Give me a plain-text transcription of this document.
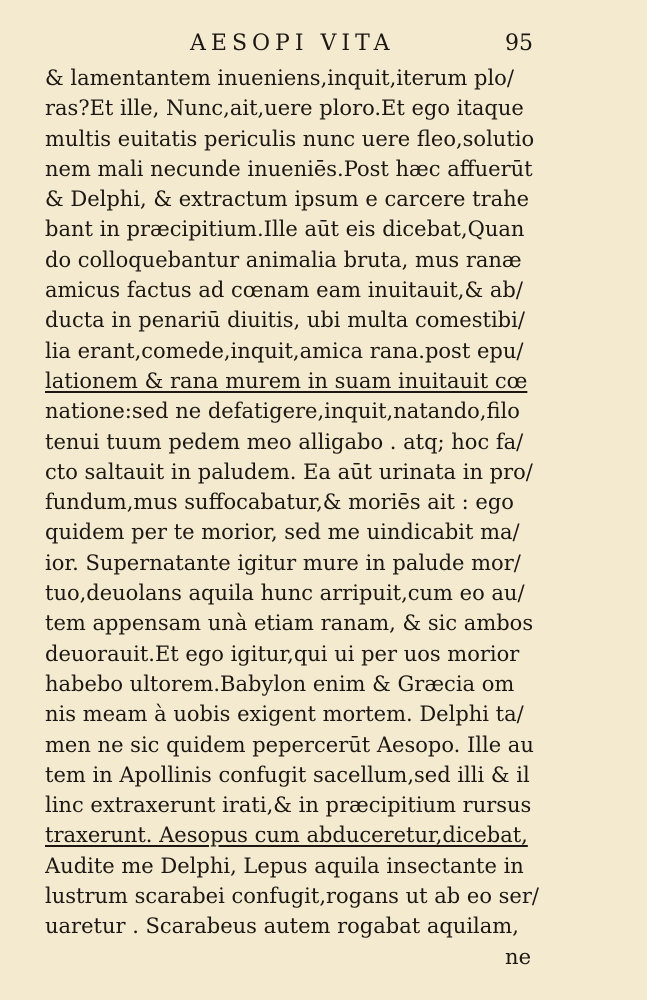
AESOPI VITA	95
& lamentantem inueniens,inquit,iterum plo/
ras?Et ille, Nunc,ait,uere ploro.Et ego itaque
multis euitatis periculis nunc uere fleo,solutio
nem mali necunde inueniēs.Post hæc affuerūt
& Delphi, & extractum ipsum e carcere trahe
bant in præcipitium.Ille aūt eis dicebat,Quan
do colloquebantur animalia bruta, mus ranæ
amicus factus ad cœnam eam inuitauit,& ab/
ducta in penariū diuitis, ubi multa comestibi/
lia erant,comede,inquit,amica rana.post epu/
lationem & rana murem in suam inuitauit cœ
natione:sed ne defatigere,inquit,natando,filo
tenui tuum pedem meo alligabo . atq; hoc fa/
cto saltauit in paludem. Ea aūt urinata in pro/
fundum,mus suffocabatur,& moriēs ait : ego
quidem per te morior, sed me uindicabit ma/
ior. Supernatante igitur mure in palude mor/
tuo,deuolans aquila hunc arripuit,cum eo au/
tem appensam unà etiam ranam, & sic ambos
deuorauit.Et ego igitur,qui ui per uos morior
habebo ultorem.Babylon enim & Græcia om
nis meam à uobis exigent mortem. Delphi ta/
men ne sic quidem pepercerūt Aesopo. Ille au
tem in Apollinis confugit sacellum,sed illi & il
linc extraxerunt irati,& in præcipitium rursus
traxerunt. Aesopus cum abduceretur,dicebat,
Audite me Delphi, Lepus aquila insectante in
lustrum scarabei confugit,rogans ut ab eo ser/
uaretur . Scarabeus autem rogabat aquilam,
ne
